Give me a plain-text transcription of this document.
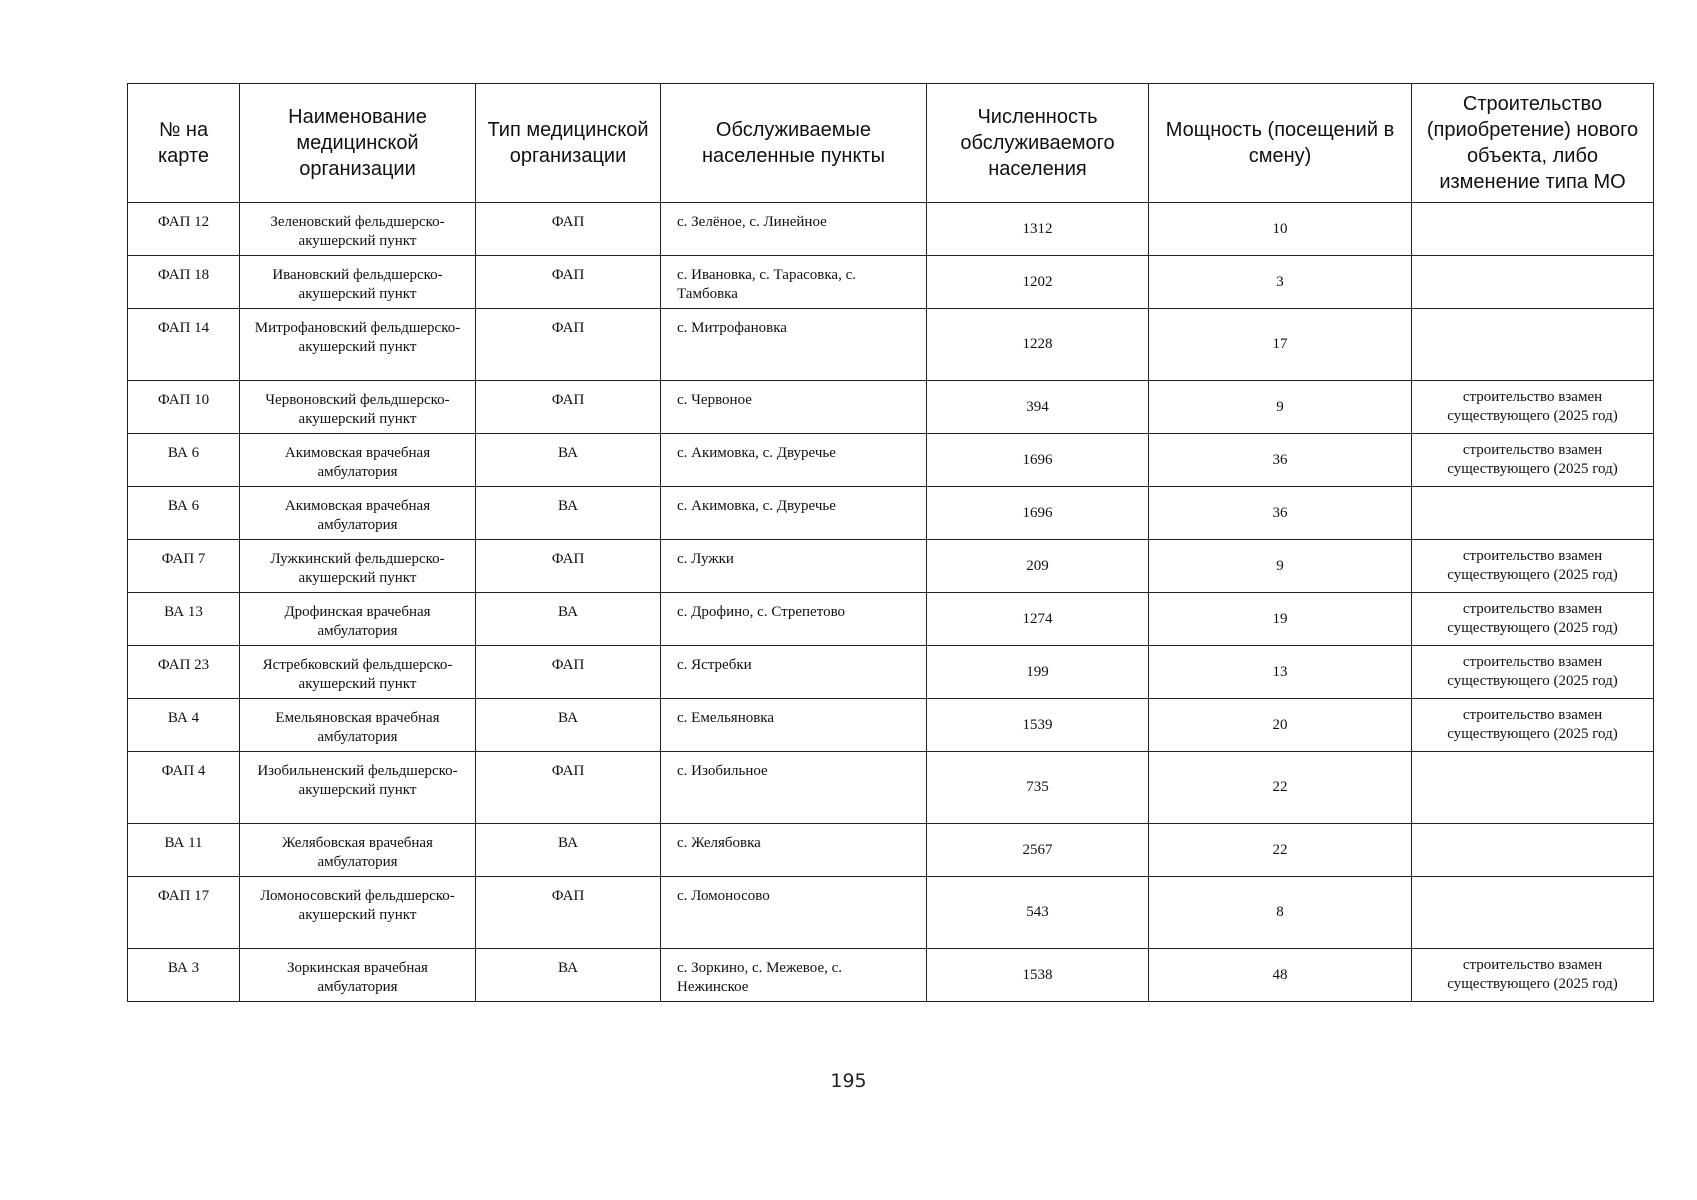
№ на карте	Наименование медицинской организации	Тип медицинской организации	Обслуживаемые населенные пункты	Численность обслуживаемого населения	Мощность (посещений в смену)	Строительство (приобретение) нового объекта, либо изменение типа МО
ФАП 12	Зеленовский фельдшерско-акушерский пункт	ФАП	с. Зелёное, с. Линейное	1312	10	
ФАП 18	Ивановский фельдшерско-акушерский пункт	ФАП	с. Ивановка, с. Тарасовка, с. Тамбовка	1202	3	
ФАП 14	Митрофановский фельдшерско- акушерский пункт	ФАП	с. Митрофановка	1228	17	
ФАП 10	Червоновский фельдшерско-акушерский пункт	ФАП	с. Червоное	394	9	строительство взамен существующего (2025 год)
ВА 6	Акимовская врачебная амбулатория	ВА	с. Акимовка, с. Двуречье	1696	36	строительство взамен существующего (2025 год)
ВА 6	Акимовская врачебная амбулатория	ВА	с. Акимовка, с. Двуречье	1696	36	
ФАП 7	Лужкинский фельдшерско-акушерский пункт	ФАП	с. Лужки	209	9	строительство взамен существующего (2025 год)
ВА 13	Дрофинская врачебная амбулатория	ВА	с. Дрофино, с. Стрепетово	1274	19	строительство взамен существующего (2025 год)
ФАП 23	Ястребковский фельдшерско-акушерский пункт	ФАП	с. Ястребки	199	13	строительство взамен существующего (2025 год)
ВА 4	Емельяновская врачебная амбулатория	ВА	с. Емельяновка	1539	20	строительство взамен существующего (2025 год)
ФАП 4	Изобильненский фельдшерско- акушерский пункт	ФАП	с. Изобильное	735	22	
ВА 11	Желябовская врачебная амбулатория	ВА	с. Желябовка	2567	22	
ФАП 17	Ломоносовский фельдшерско- акушерский пункт	ФАП	с. Ломоносово	543	8	
ВА 3	Зоркинская врачебная амбулатория	ВА	с. Зоркино, с. Межевое, с. Нежинское	1538	48	строительство взамен существующего (2025 год)
195
